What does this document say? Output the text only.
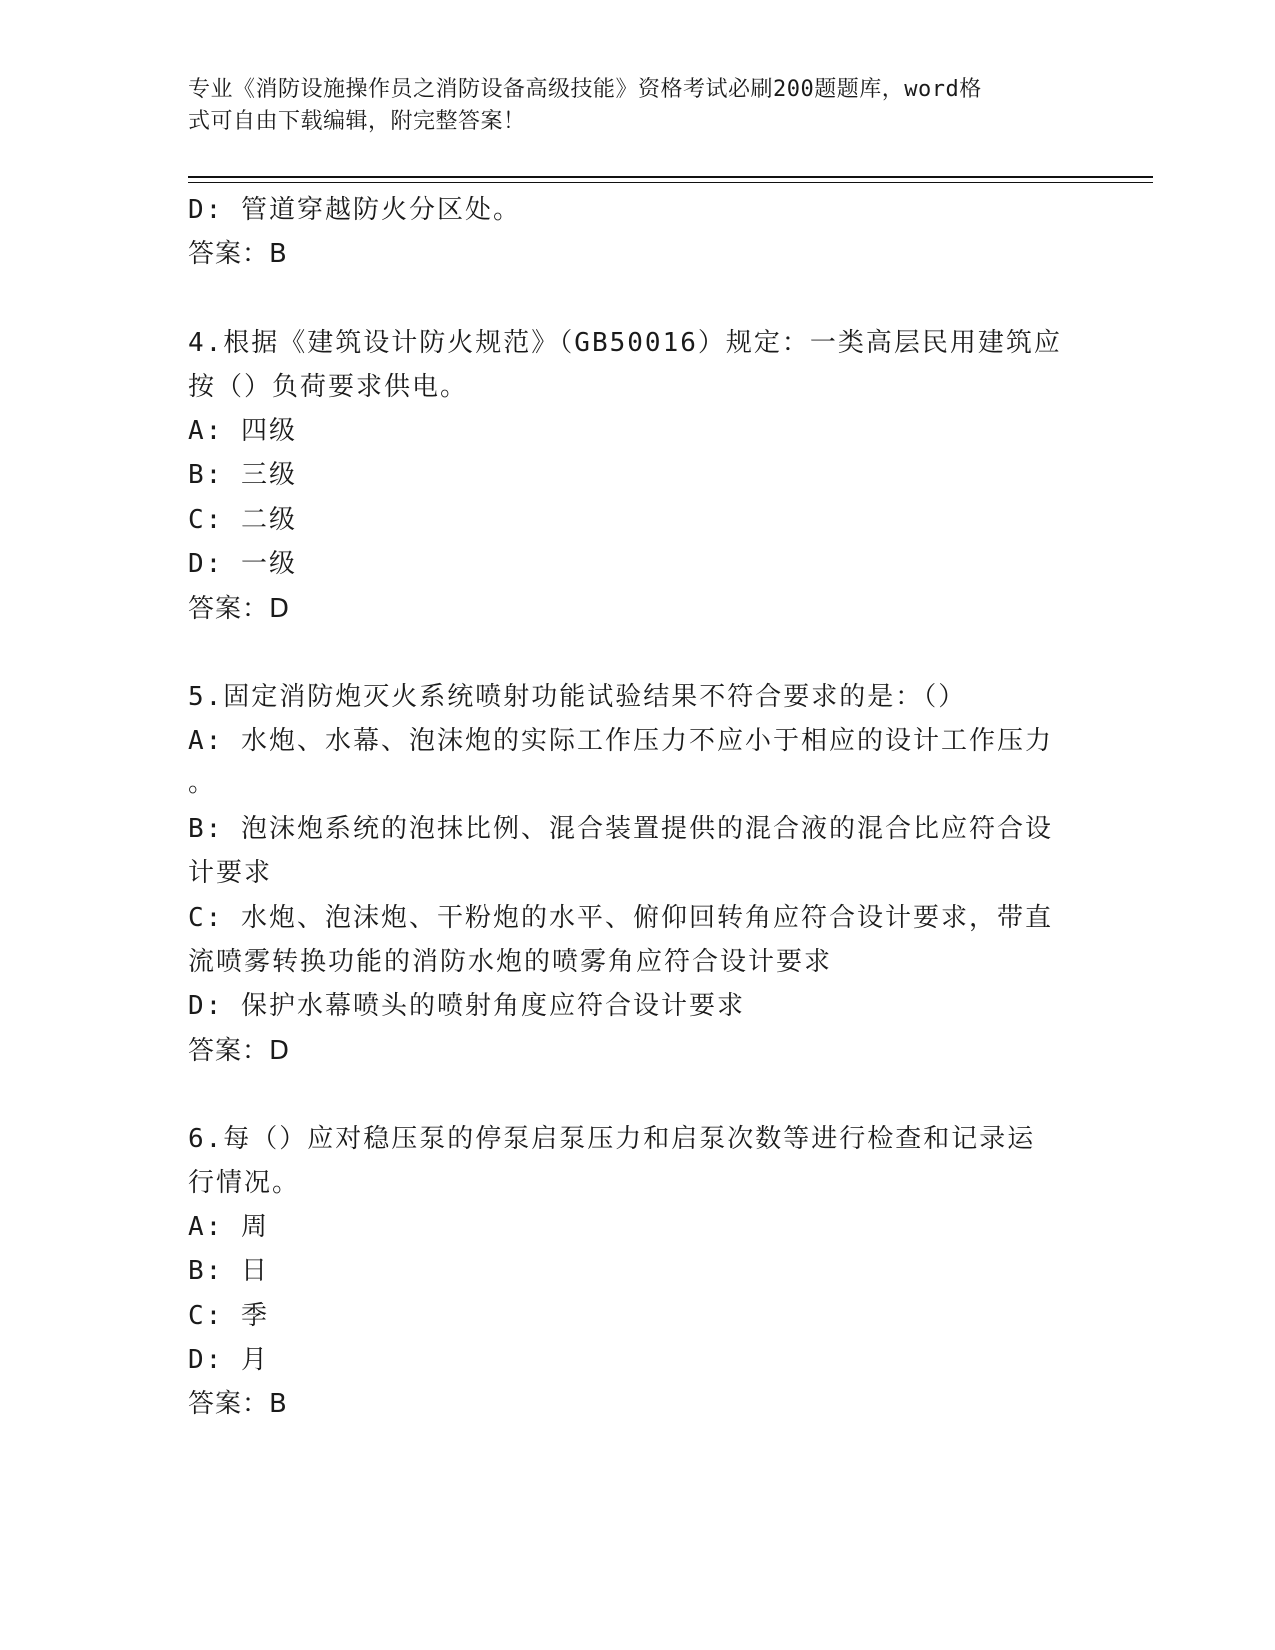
专业《消防设施操作员之消防设备高级技能》资格考试必刷200题题库，word格
式可自由下载编辑，附完整答案！
D: 管道穿越防火分区处。
答案：B
4.根据《建筑设计防火规范》（GB50016）规定：一类高层民用建筑应
按（）负荷要求供电。
A: 四级
B: 三级
C: 二级
D: 一级
答案：D
5.固定消防炮灭火系统喷射功能试验结果不符合要求的是：（）
A: 水炮、水幕、泡沫炮的实际工作压力不应小于相应的设计工作压力
。
B: 泡沫炮系统的泡抹比例、混合装置提供的混合液的混合比应符合设
计要求
C: 水炮、泡沫炮、干粉炮的水平、俯仰回转角应符合设计要求，带直
流喷雾转换功能的消防水炮的喷雾角应符合设计要求
D: 保护水幕喷头的喷射角度应符合设计要求
答案：D
6.每（）应对稳压泵的停泵启泵压力和启泵次数等进行检查和记录运
行情况。
A: 周
B: 日
C: 季
D: 月
答案：B
